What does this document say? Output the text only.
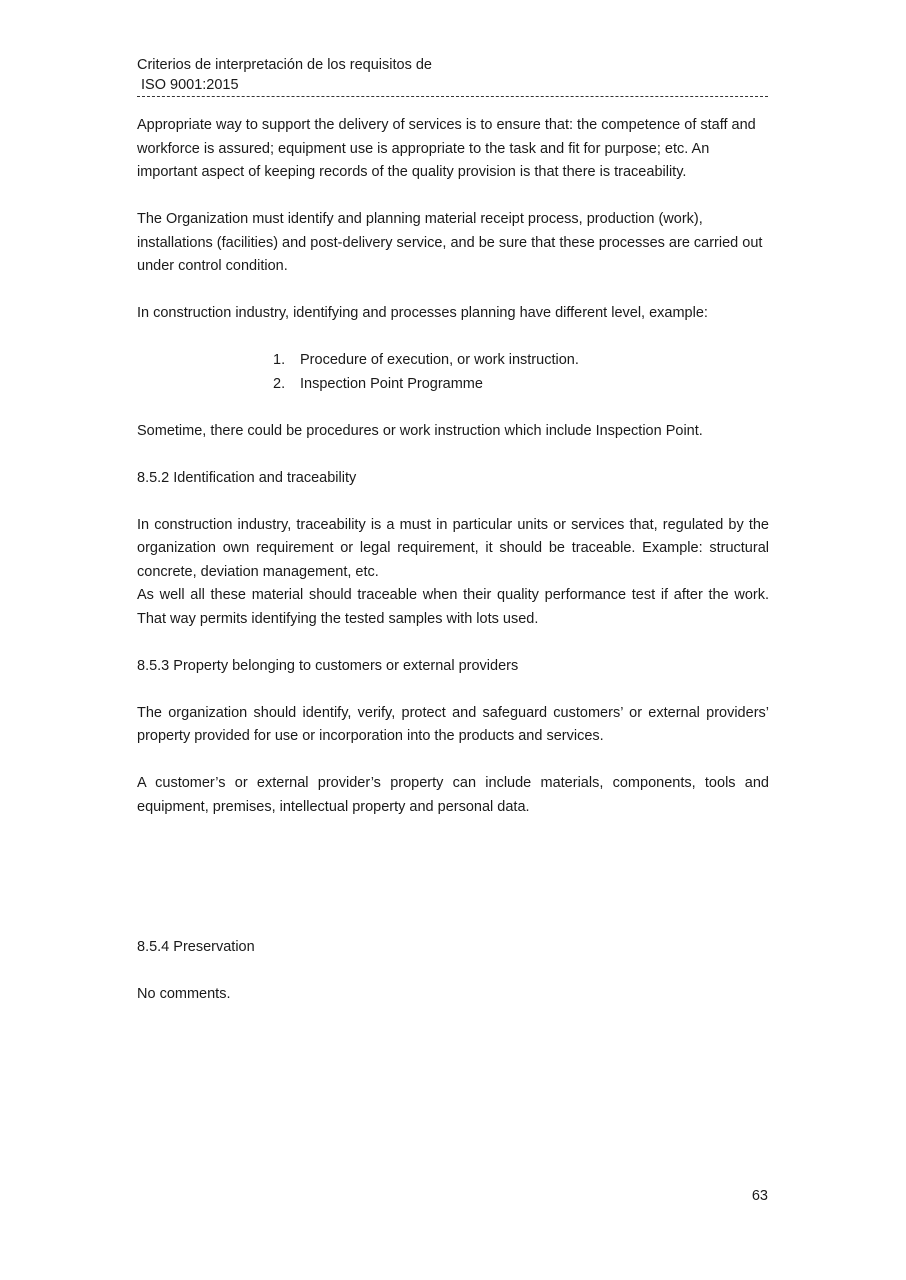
Criterios de interpretación de los requisitos de
ISO 9001:2015

Appropriate way to support the delivery of services is to ensure that: the competence of staff and workforce is assured; equipment use is appropriate to the task and fit for purpose; etc. An important aspect of keeping records of the quality provision is that there is traceability.

The Organization must identify and planning material receipt process, production (work), installations (facilities) and post-delivery service, and be sure that these processes are carried out under control condition.

In construction industry, identifying and processes planning have different level, example:

1. Procedure of execution, or work instruction.
2. Inspection Point Programme

Sometime, there could be procedures or work instruction which include Inspection Point.

8.5.2 Identification and traceability

In construction industry, traceability is a must in particular units or services that, regulated by the organization own requirement or legal requirement, it should be traceable. Example: structural concrete, deviation management, etc.

As well all these material should traceable when their quality performance test if after the work. That way permits identifying the tested samples with lots used.

8.5.3 Property belonging to customers or external providers

The organization should identify, verify, protect and safeguard customers’ or external providers’ property provided for use or incorporation into the products and services.

A customer’s or external provider’s property can include materials, components, tools and equipment, premises, intellectual property and personal data.

8.5.4 Preservation

No comments.

63
